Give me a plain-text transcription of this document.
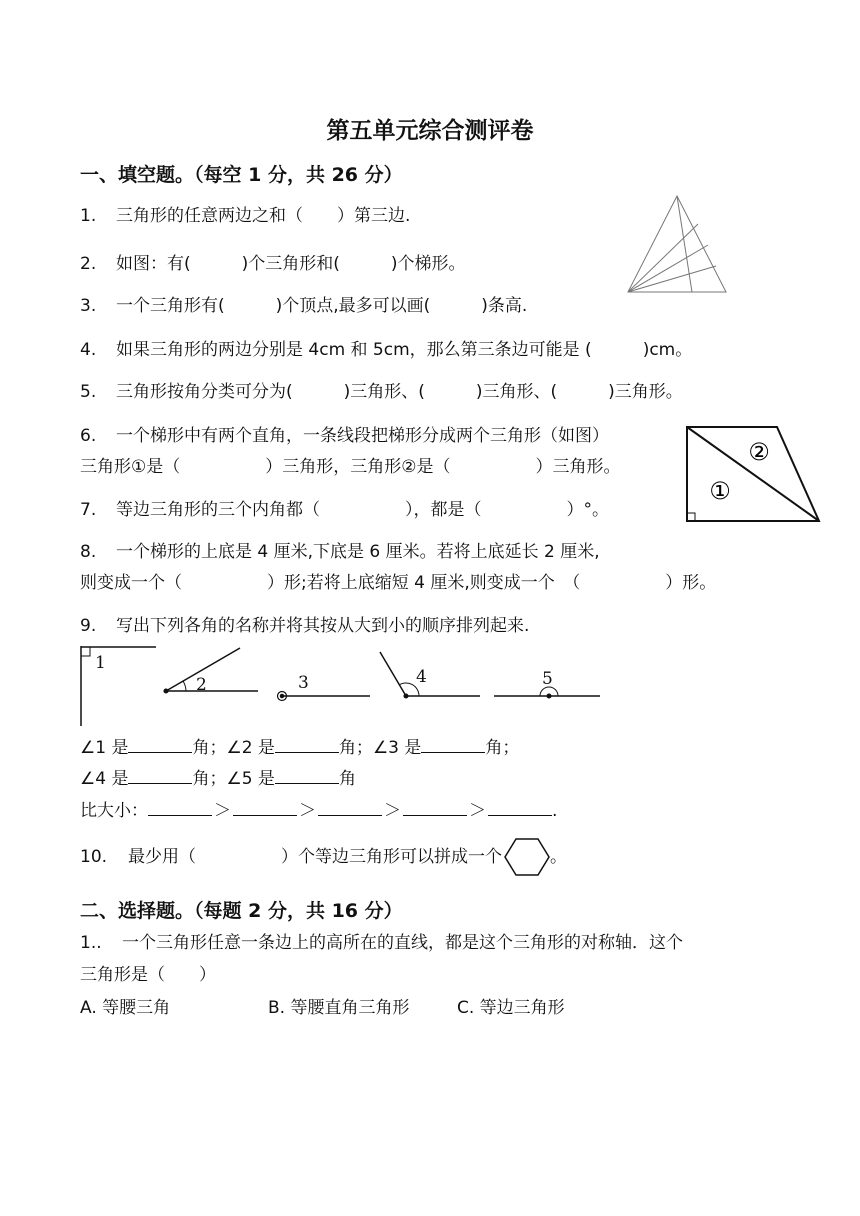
第五单元综合测评卷
一、填空题。（每空 1 分，共 26 分）
1. 三角形的任意两边之和（　　）第三边.
2. 如图：有(　　　)个三角形和(　　　)个梯形。
3. 一个三角形有(　　　)个顶点,最多可以画(　　　)条高.
4. 如果三角形的两边分别是 4cm 和 5cm，那么第三条边可能是 (　　　)cm。
5. 三角形按角分类可分为(　　　)三角形、(　　　)三角形、(　　　)三角形。
6. 一个梯形中有两个直角，一条线段把梯形分成两个三角形（如图）
三角形①是（　　　　　）三角形，三角形②是（　　　　　）三角形。
①
②
7. 等边三角形的三个内角都（　　　　　），都是（　　　　　）°。
8. 一个梯形的上底是 4 厘米,下底是 6 厘米。若将上底延长 2 厘米,
则变成一个（　　　　　）形;若将上底缩短 4 厘米,则变成一个　（　　　　　）形。
9. 写出下列各角的名称并将其按从大到小的顺序排列起来.
1
2	3	4	5
∠1 是	角；∠2 是	角；∠3 是	角；
∠4 是	角；∠5 是	角
比大小：	＞	＞	＞	＞	.
10. 最少用（　　　　　）个等边三角形可以拼成一个	。
二、选择题。（每题 2 分，共 16 分）
1.. 一个三角形任意一条边上的高所在的直线，都是这个三角形的对称轴．这个
三角形是（　　）
A. 等腰三角	B. 等腰直角三角形	C. 等边三角形
